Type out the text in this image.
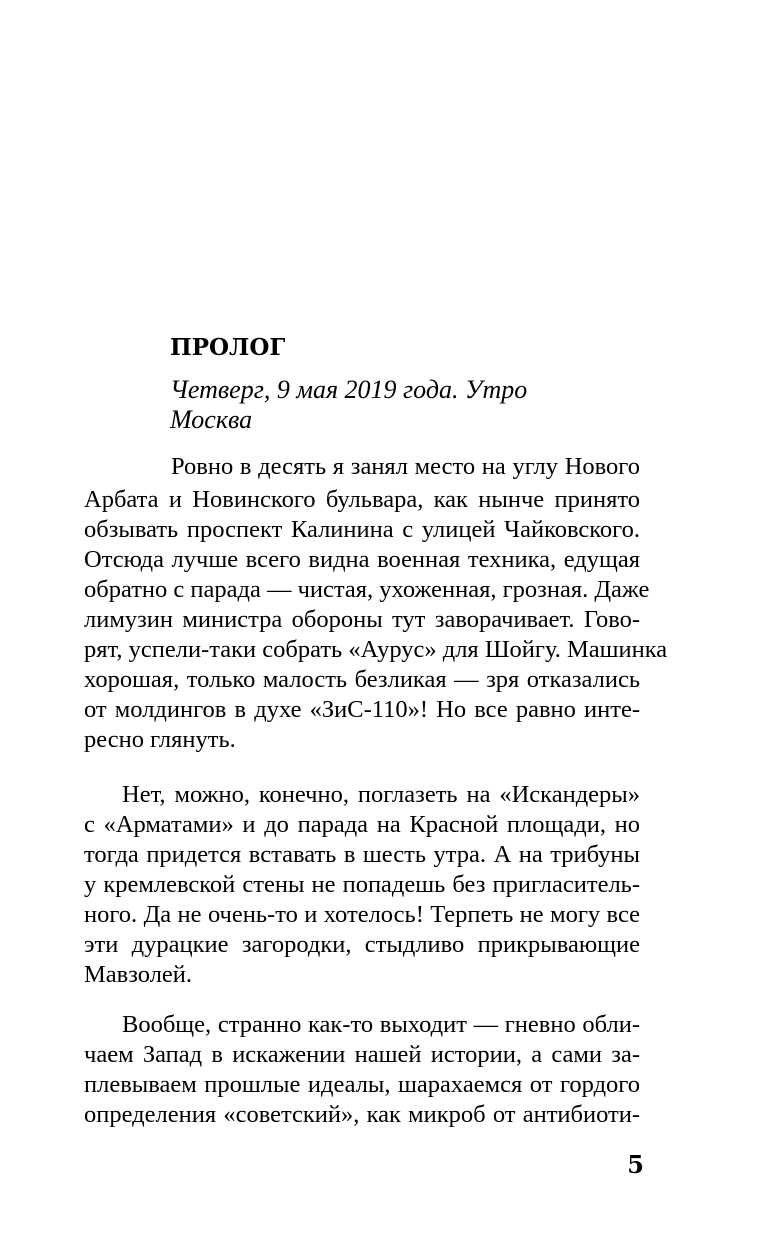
ПРОЛОГ
Четверг, 9 мая 2019 года. Утро
Москва
Ровно в десять я занял место на углу Нового
Арбата и Новинского бульвара, как нынче принято
обзывать проспект Калинина с улицей Чайковского.
Отсюда лучше всего видна военная техника, едущая
обратно с парада — чистая, ухоженная, грозная. Даже
лимузин министра обороны тут заворачивает. Гово-
рят, успели-таки собрать «Аурус» для Шойгу. Машинка
хорошая, только малость безликая — зря отказались
от молдингов в духе «ЗиС-110»! Но все равно инте-
ресно глянуть.
Нет, можно, конечно, поглазеть на «Искандеры»
с «Арматами» и до парада на Красной площади, но
тогда придется вставать в шесть утра. А на трибуны
у кремлевской стены не попадешь без пригласитель-
ного. Да не очень-то и хотелось! Терпеть не могу все
эти дурацкие загородки, стыдливо прикрывающие
Мавзолей.
Вообще, странно как-то выходит — гневно обли-
чаем Запад в искажении нашей истории, а сами за-
плевываем прошлые идеалы, шарахаемся от гордого
определения «советский», как микроб от антибиоти-
5
